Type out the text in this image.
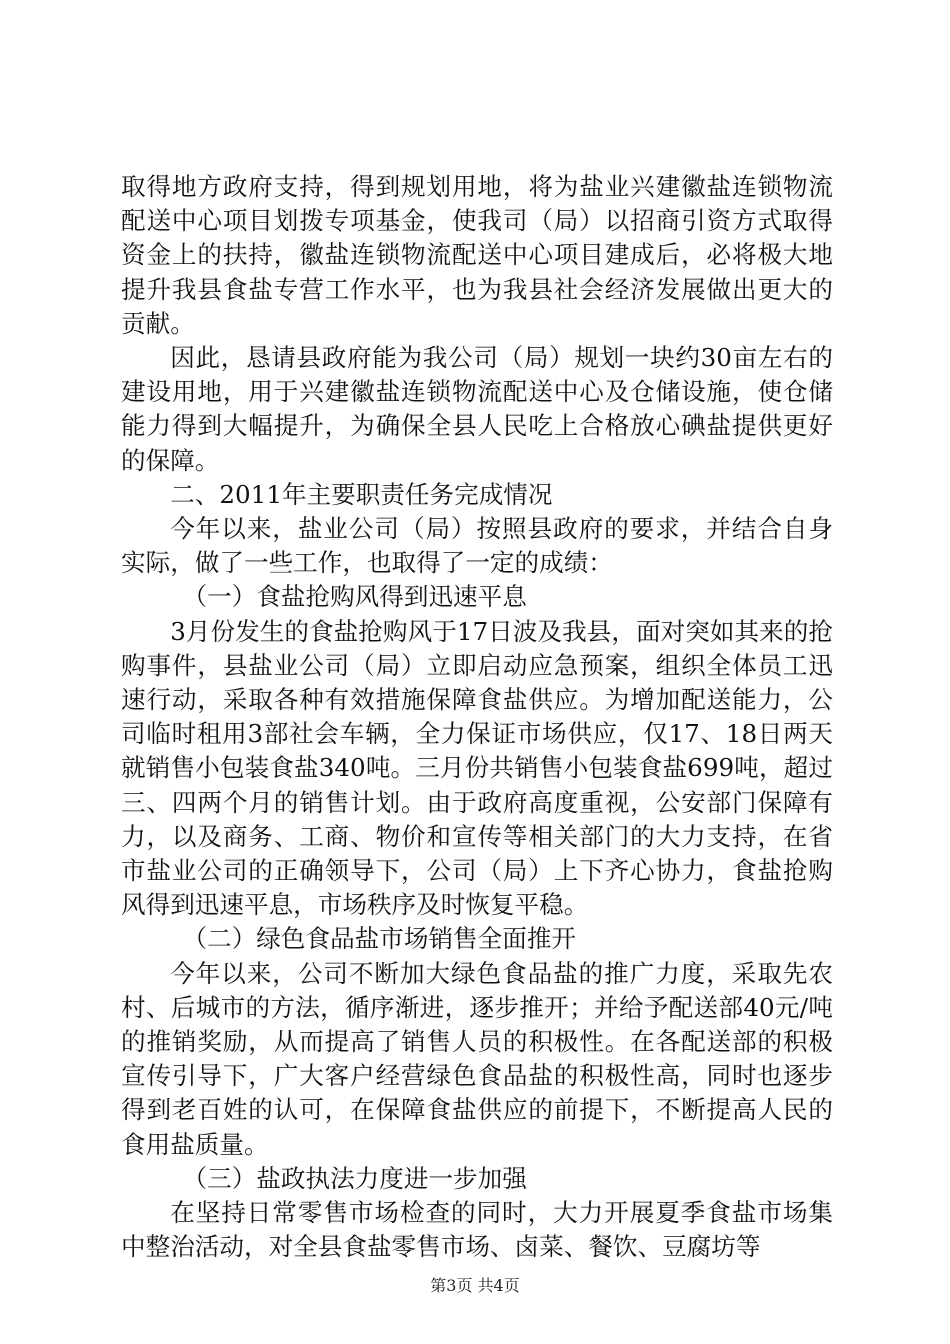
取得地方政府支持，得到规划用地，将为盐业兴建徽盐连锁物流配送中心项目划拨专项基金，使我司（局）以招商引资方式取得资金上的扶持，徽盐连锁物流配送中心项目建成后，必将极大地提升我县食盐专营工作水平，也为我县社会经济发展做出更大的贡献。

因此，恳请县政府能为我公司（局）规划一块约30亩左右的建设用地，用于兴建徽盐连锁物流配送中心及仓储设施，使仓储能力得到大幅提升，为确保全县人民吃上合格放心碘盐提供更好的保障。

二、2011年主要职责任务完成情况

今年以来，盐业公司（局）按照县政府的要求，并结合自身实际，做了一些工作，也取得了一定的成绩：

（一）食盐抢购风得到迅速平息

3月份发生的食盐抢购风于17日波及我县，面对突如其来的抢购事件，县盐业公司（局）立即启动应急预案，组织全体员工迅速行动，采取各种有效措施保障食盐供应。为增加配送能力，公司临时租用3部社会车辆，全力保证市场供应，仅17、18日两天就销售小包装食盐340吨。三月份共销售小包装食盐699吨，超过三、四两个月的销售计划。由于政府高度重视，公安部门保障有力，以及商务、工商、物价和宣传等相关部门的大力支持，在省市盐业公司的正确领导下，公司（局）上下齐心协力，食盐抢购风得到迅速平息，市场秩序及时恢复平稳。

（二）绿色食品盐市场销售全面推开

今年以来，公司不断加大绿色食品盐的推广力度，采取先农村、后城市的方法，循序渐进，逐步推开；并给予配送部40元/吨的推销奖励，从而提高了销售人员的积极性。在各配送部的积极宣传引导下，广大客户经营绿色食品盐的积极性高，同时也逐步得到老百姓的认可，在保障食盐供应的前提下，不断提高人民的食用盐质量。

（三）盐政执法力度进一步加强

在坚持日常零售市场检查的同时，大力开展夏季食盐市场集中整治活动，对全县食盐零售市场、卤菜、餐饮、豆腐坊等

第3页 共4页
